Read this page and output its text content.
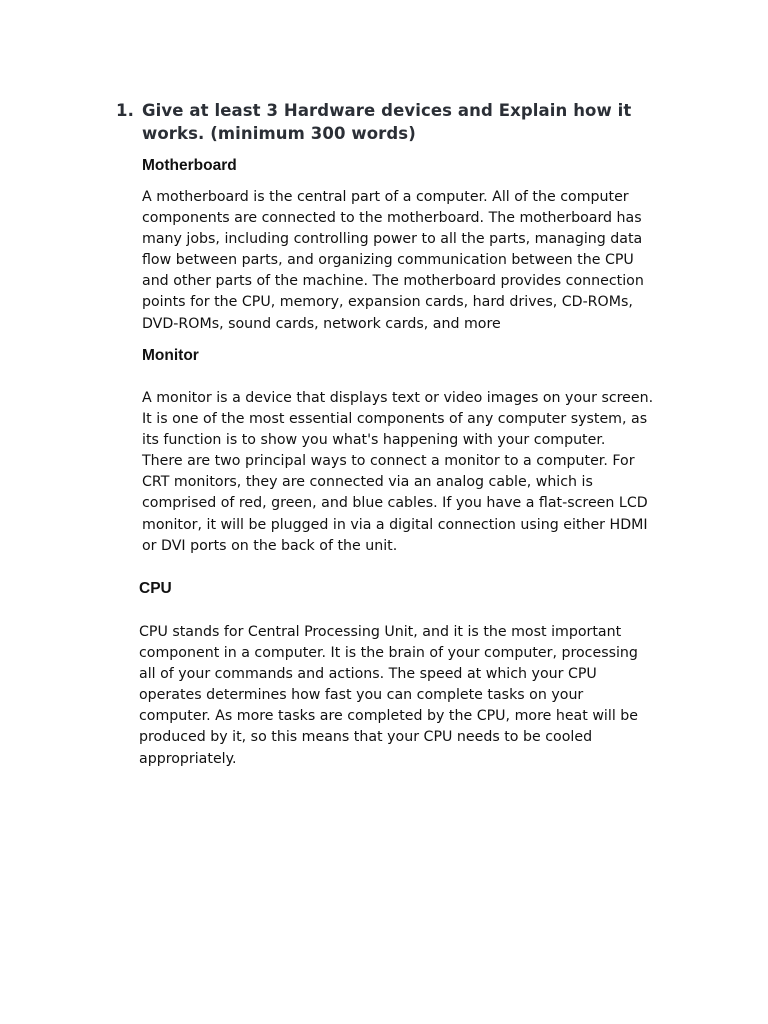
1. Give at least 3 Hardware devices and Explain how it
works. (minimum 300 words)
Motherboard
A motherboard is the central part of a computer. All of the computer
components are connected to the motherboard. The motherboard has
many jobs, including controlling power to all the parts, managing data
flow between parts, and organizing communication between the CPU
and other parts of the machine. The motherboard provides connection
points for the CPU, memory, expansion cards, hard drives, CD-ROMs,
DVD-ROMs, sound cards, network cards, and more
Monitor
A monitor is a device that displays text or video images on your screen.
It is one of the most essential components of any computer system, as
its function is to show you what's happening with your computer.
There are two principal ways to connect a monitor to a computer. For
CRT monitors, they are connected via an analog cable, which is
comprised of red, green, and blue cables. If you have a flat-screen LCD
monitor, it will be plugged in via a digital connection using either HDMI
or DVI ports on the back of the unit.
CPU
CPU stands for Central Processing Unit, and it is the most important
component in a computer. It is the brain of your computer, processing
all of your commands and actions. The speed at which your CPU
operates determines how fast you can complete tasks on your
computer. As more tasks are completed by the CPU, more heat will be
produced by it, so this means that your CPU needs to be cooled
appropriately.
